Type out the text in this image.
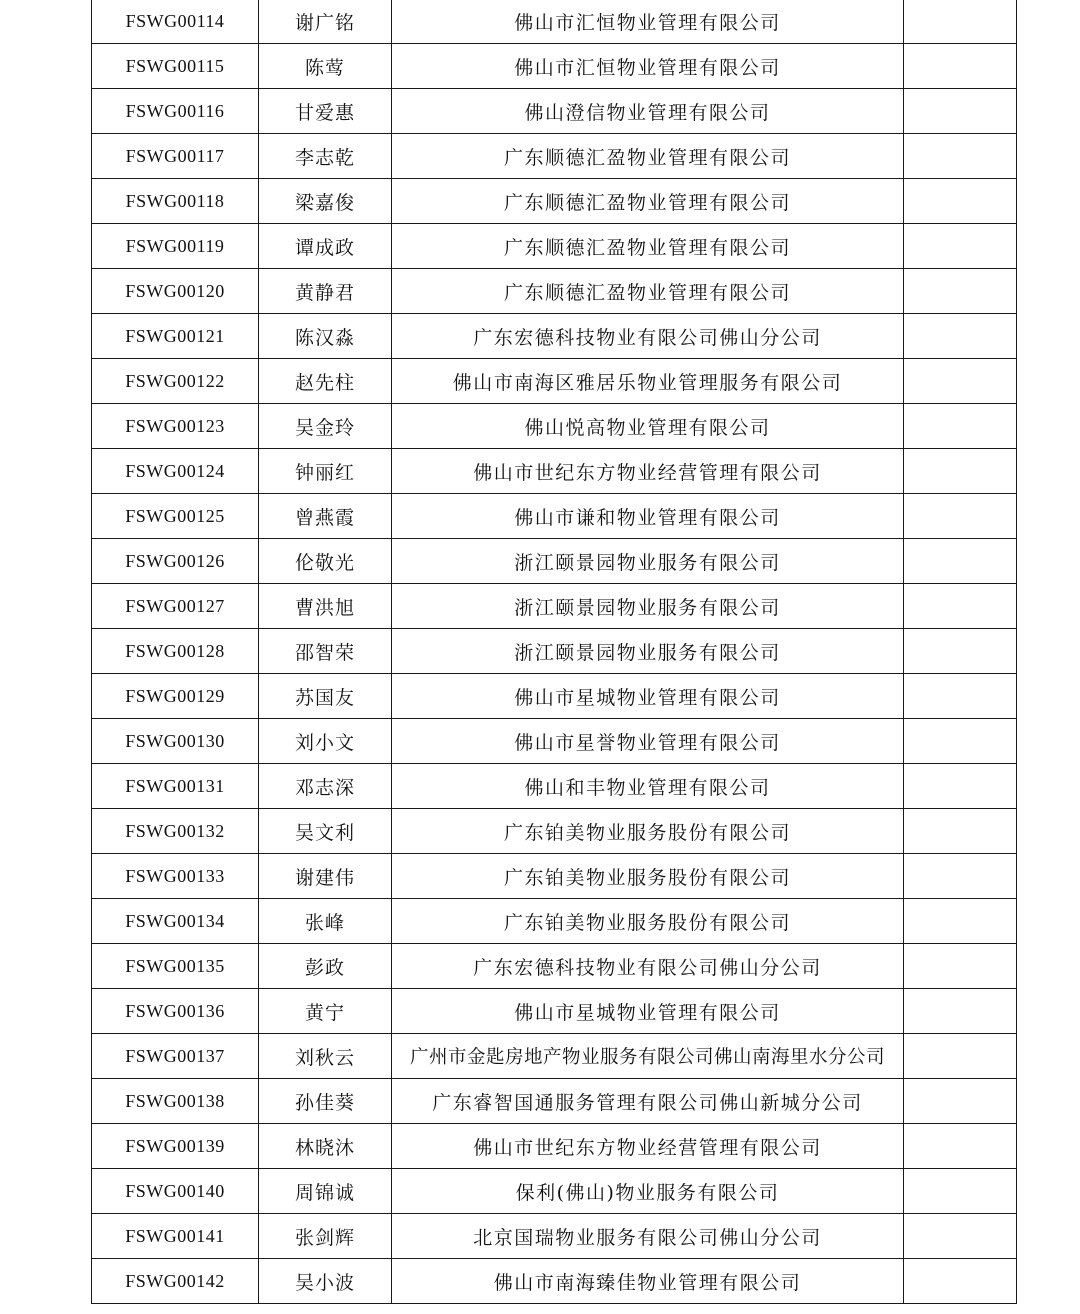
FSWG00114	谢广铭	佛山市汇恒物业管理有限公司	
FSWG00115	陈莺	佛山市汇恒物业管理有限公司	
FSWG00116	甘爱惠	佛山澄信物业管理有限公司	
FSWG00117	李志乾	广东顺德汇盈物业管理有限公司	
FSWG00118	梁嘉俊	广东顺德汇盈物业管理有限公司	
FSWG00119	谭成政	广东顺德汇盈物业管理有限公司	
FSWG00120	黄静君	广东顺德汇盈物业管理有限公司	
FSWG00121	陈汉淼	广东宏德科技物业有限公司佛山分公司	
FSWG00122	赵先柱	佛山市南海区雅居乐物业管理服务有限公司	
FSWG00123	吴金玲	佛山悦高物业管理有限公司	
FSWG00124	钟丽红	佛山市世纪东方物业经营管理有限公司	
FSWG00125	曾燕霞	佛山市谦和物业管理有限公司	
FSWG00126	伦敬光	浙江颐景园物业服务有限公司	
FSWG00127	曹洪旭	浙江颐景园物业服务有限公司	
FSWG00128	邵智荣	浙江颐景园物业服务有限公司	
FSWG00129	苏国友	佛山市星城物业管理有限公司	
FSWG00130	刘小文	佛山市星誉物业管理有限公司	
FSWG00131	邓志深	佛山和丰物业管理有限公司	
FSWG00132	吴文利	广东铂美物业服务股份有限公司	
FSWG00133	谢建伟	广东铂美物业服务股份有限公司	
FSWG00134	张峰	广东铂美物业服务股份有限公司	
FSWG00135	彭政	广东宏德科技物业有限公司佛山分公司	
FSWG00136	黄宁	佛山市星城物业管理有限公司	
FSWG00137	刘秋云	广州市金匙房地产物业服务有限公司佛山南海里水分公司	
FSWG00138	孙佳葵	广东睿智国通服务管理有限公司佛山新城分公司	
FSWG00139	林晓沐	佛山市世纪东方物业经营管理有限公司	
FSWG00140	周锦诚	保利(佛山)物业服务有限公司	
FSWG00141	张剑辉	北京国瑞物业服务有限公司佛山分公司	
FSWG00142	吴小波	佛山市南海臻佳物业管理有限公司	
